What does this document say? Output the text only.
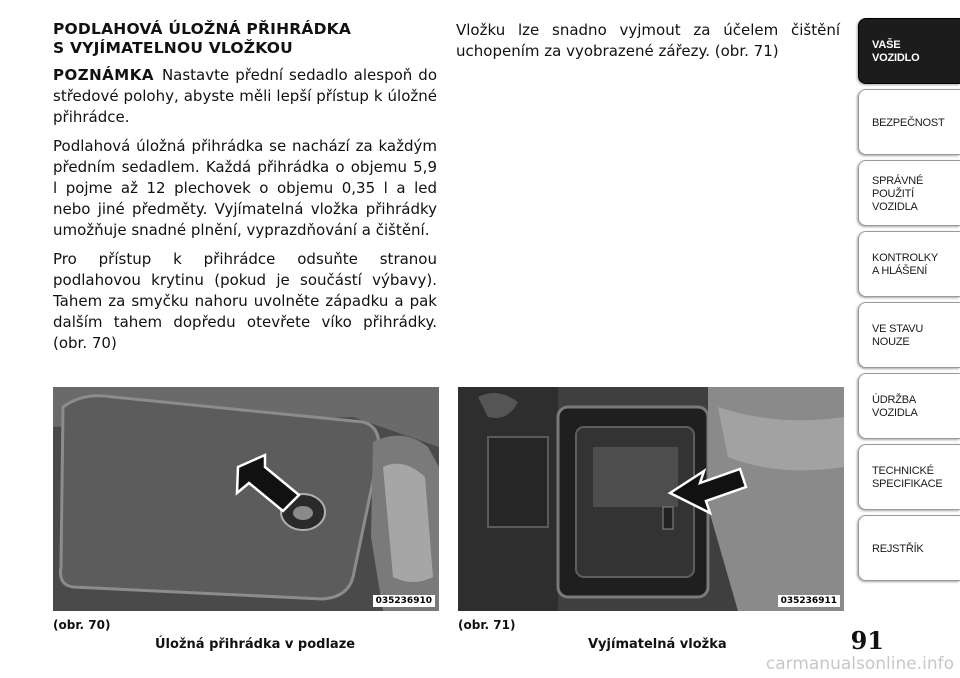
PODLAHOVÁ ÚLOŽNÁ PŘIHRÁDKA
S VYJÍMATELNOU VLOŽKOU

POZNÁMKA Nastavte přední sedadlo alespoň do středové polohy, abyste měli lepší přístup k úložné přihrádce.

Podlahová úložná přihrádka se nachází za každým předním sedadlem. Každá přihrádka o objemu 5,9 l pojme až 12 plechovek o objemu 0,35 l a led nebo jiné předměty. Vyjímatelná vložka přihrádky umožňuje snadné plnění, vyprazdňování a čištění.

Pro přístup k přihrádce odsuňte stranou podlahovou krytinu (pokud je součástí výbavy). Tahem za smyčku nahoru uvolněte západku a pak dalším tahem dopředu otevřete víko přihrádky. (obr. 70)

Vložku lze snadno vyjmout za účelem čištění uchopením za vyobrazené zářezy. (obr. 71)

035236910	035236911
(obr. 70)
Úložná přihrádka v podlaze
(obr. 71)
Vyjímatelná vložka
VAŠE
VOZIDLO
BEZPEČNOST
SPRÁVNÉ
POUŽITÍ
VOZIDLA
KONTROLKY
A HLÁŠENÍ
VE STAVU
NOUZE
ÚDRŽBA
VOZIDLA
TECHNICKÉ
SPECIFIKACE
REJSTŘÍK
91
carmanualsonline.info
